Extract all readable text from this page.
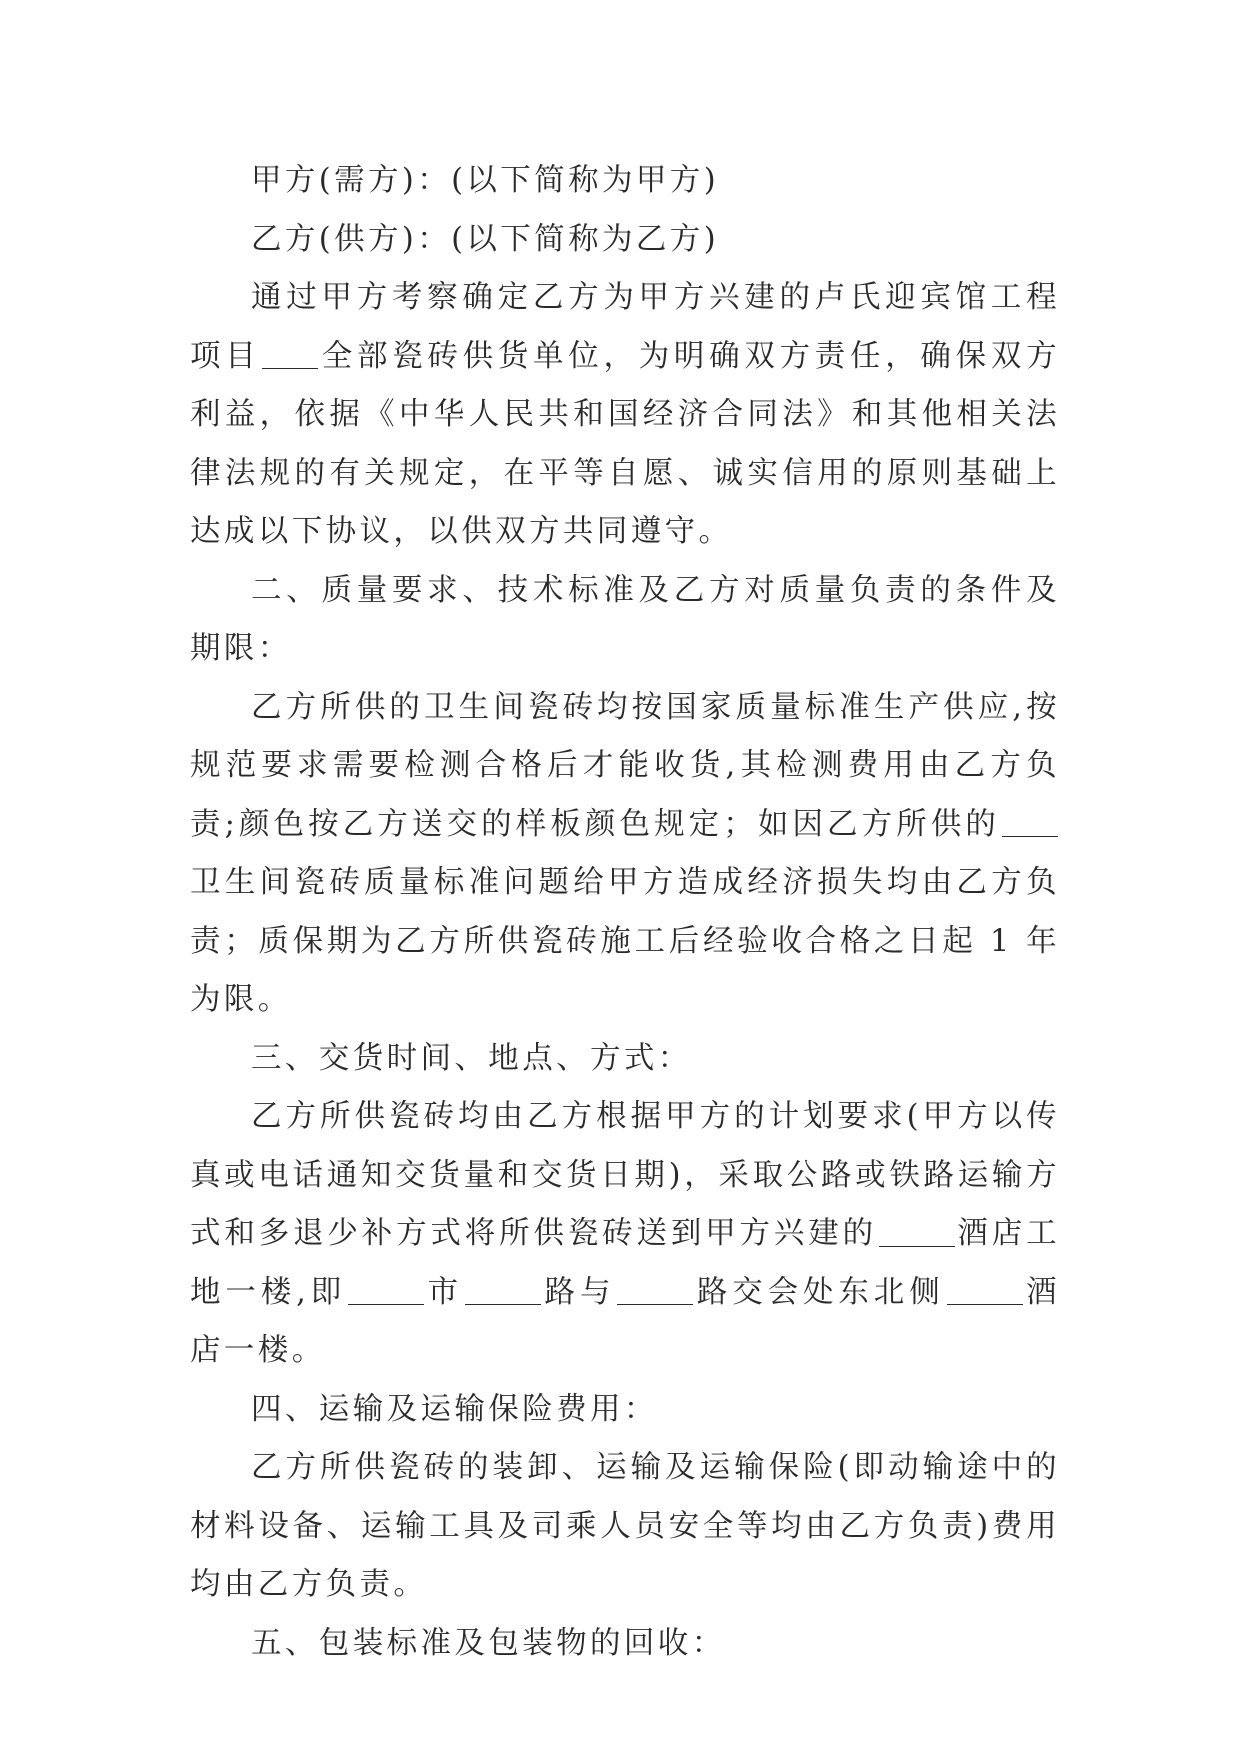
甲方(需方)：(以下简称为甲方)

乙方(供方)：(以下简称为乙方)

通过甲方考察确定乙方为甲方兴建的卢氏迎宾馆工程项目 全部瓷砖供货单位，为明确双方责任，确保双方利益，依据《中华人民共和国经济合同法》和其他相关法律法规的有关规定，在平等自愿、诚实信用的原则基础上达成以下协议，以供双方共同遵守。

二、质量要求、技术标准及乙方对质量负责的条件及期限：

乙方所供的卫生间瓷砖均按国家质量标准生产供应,按规范要求需要检测合格后才能收货,其检测费用由乙方负责;颜色按乙方送交的样板颜色规定；如因乙方所供的卫生间瓷砖质量标准问题给甲方造成经济损失均由乙方负责；质保期为乙方所供瓷砖施工后经验收合格之日起 1 年为限。

三、交货时间、地点、方式：

乙方所供瓷砖均由乙方根据甲方的计划要求(甲方以传真或电话通知交货量和交货日期)，采取公路或铁路运输方式和多退少补方式将所供瓷砖送到甲方兴建的	酒店工地一楼,即	市	路与	路交会处东北侧	酒店一楼。

四、运输及运输保险费用：

乙方所供瓷砖的装卸、运输及运输保险(即动输途中的材料设备、运输工具及司乘人员安全等均由乙方负责)费用均由乙方负责。

五、包装标准及包装物的回收：
